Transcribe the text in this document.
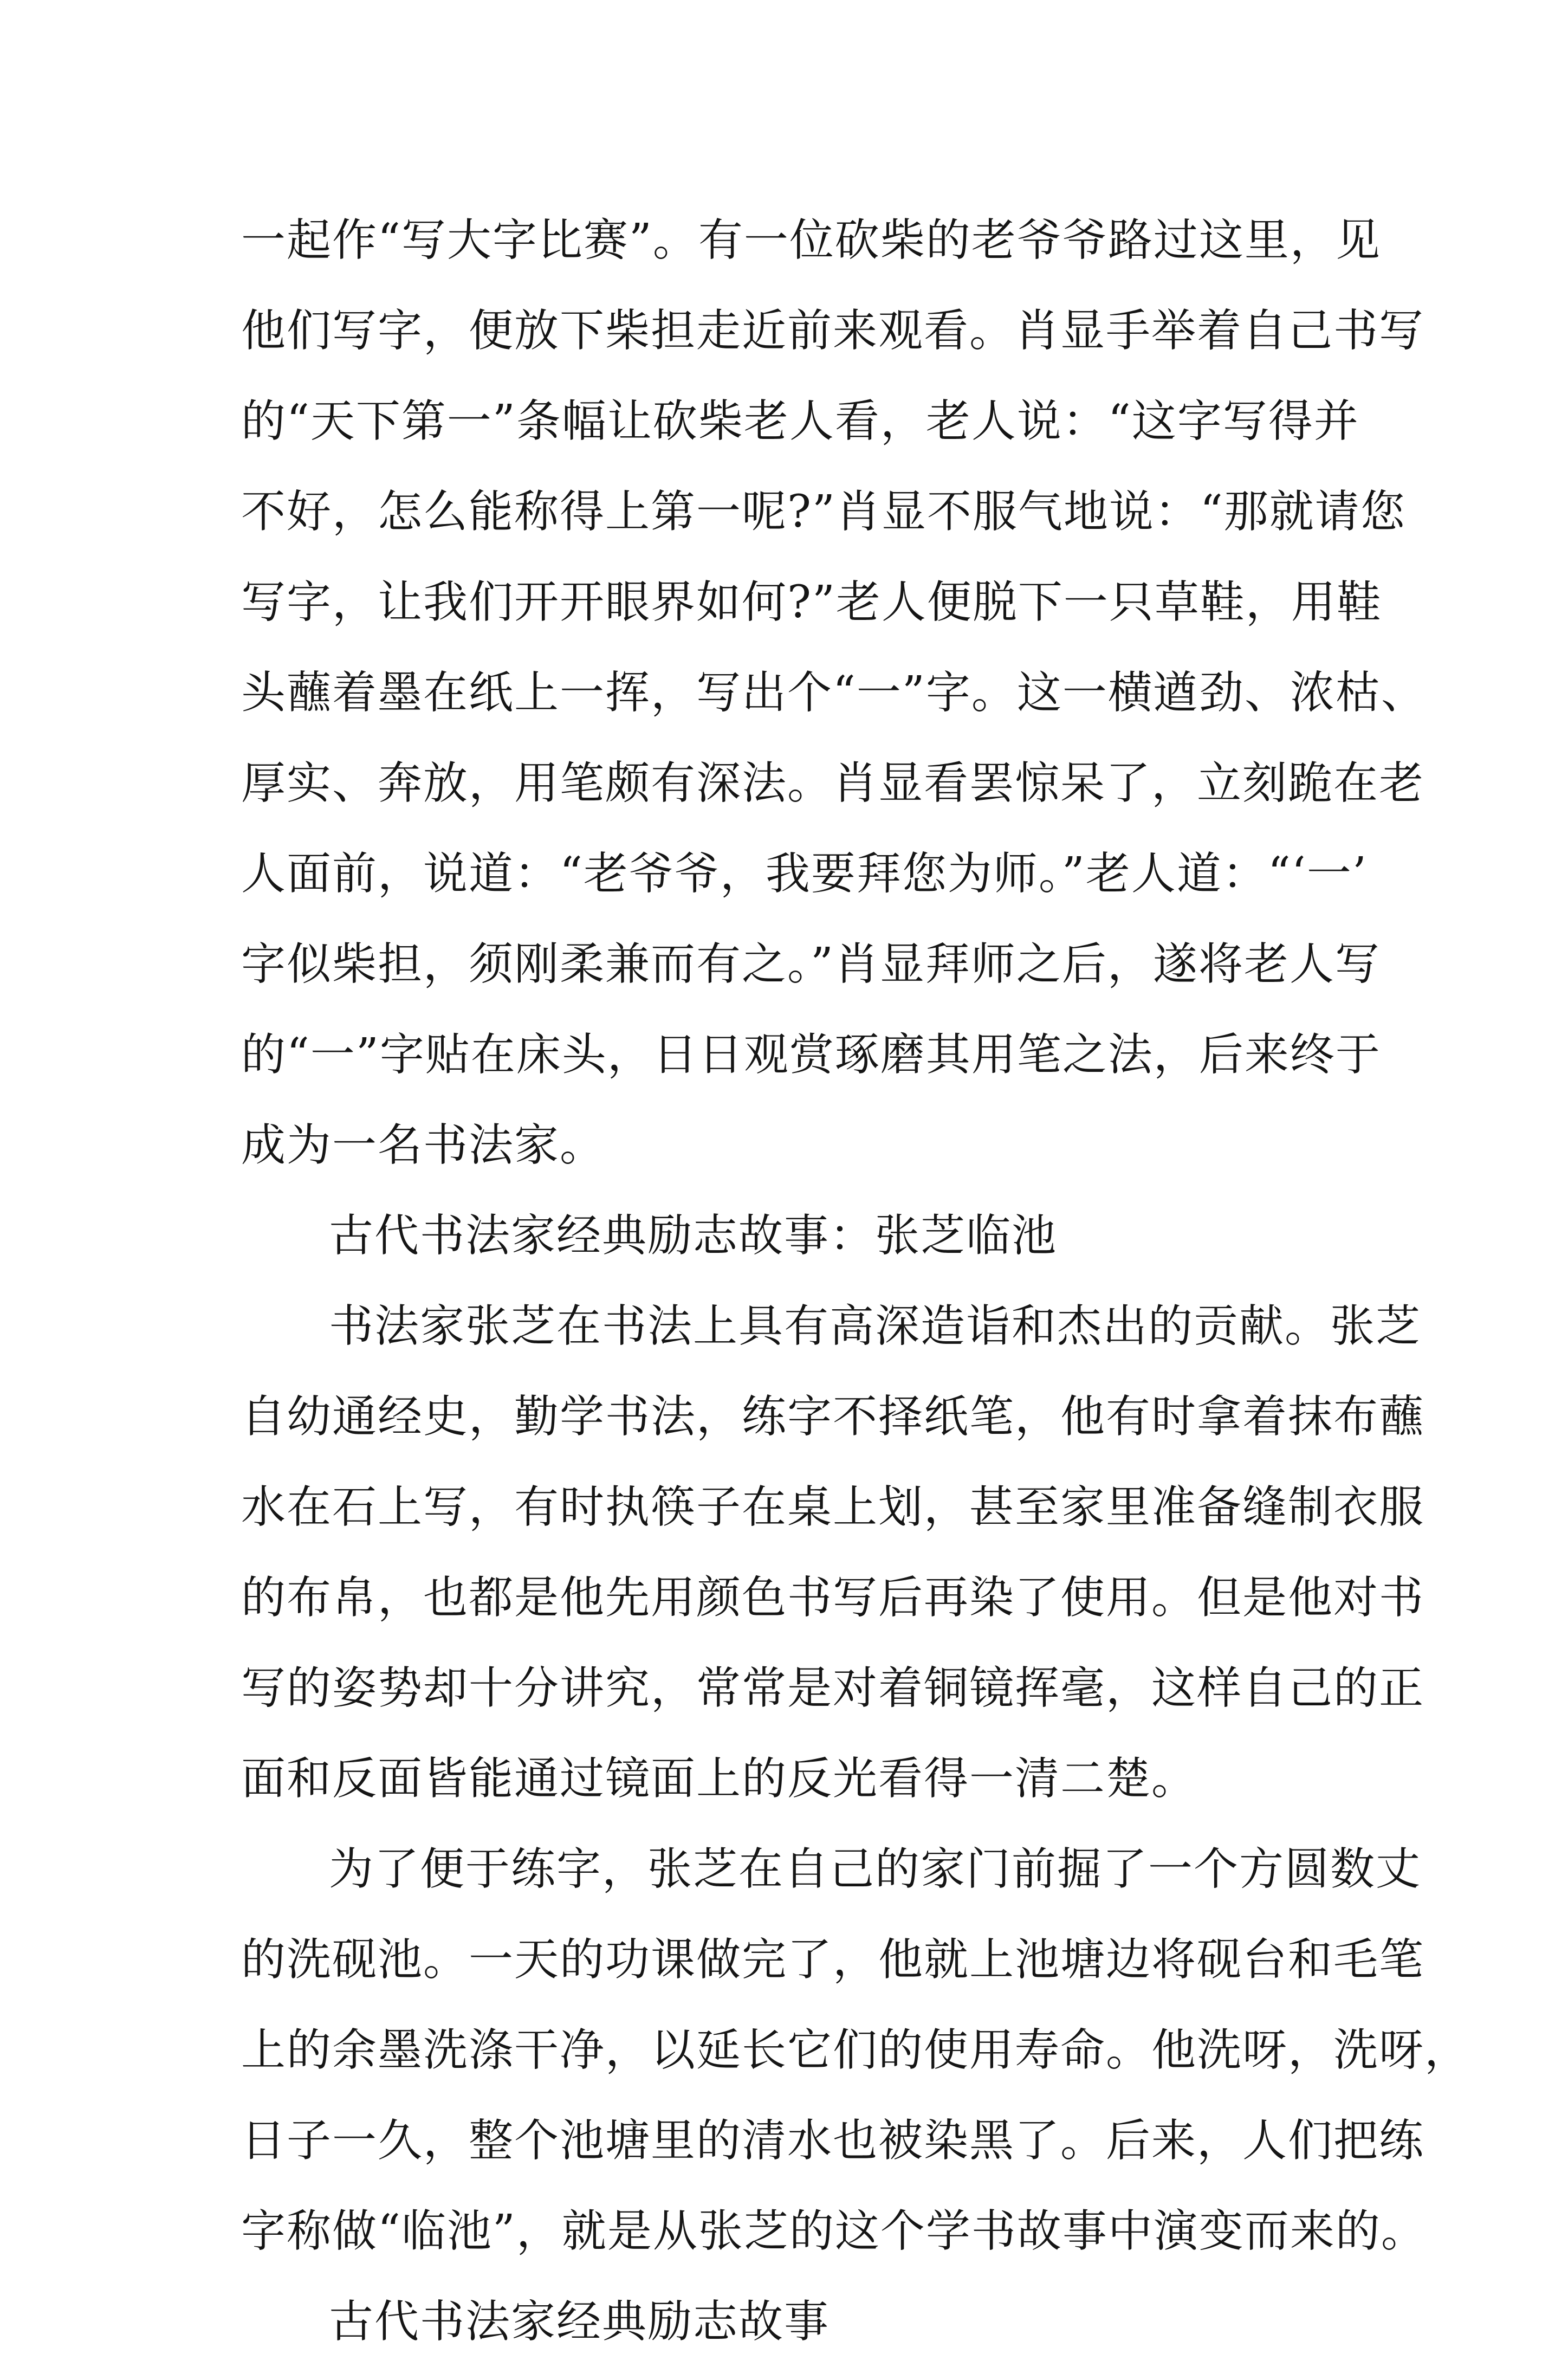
一起作“写大字比赛”。有一位砍柴的老爷爷路过这里，见
他们写字，便放下柴担走近前来观看。肖显手举着自己书写
的“天下第一”条幅让砍柴老人看，老人说：“这字写得并
不好，怎么能称得上第一呢?”肖显不服气地说：“那就请您
写字，让我们开开眼界如何?”老人便脱下一只草鞋，用鞋
头蘸着墨在纸上一挥，写出个“一”字。这一横遒劲、浓枯、
厚实、奔放，用笔颇有深法。肖显看罢惊呆了，立刻跪在老
人面前，说道：“老爷爷，我要拜您为师。”老人道：“‘一’
字似柴担，须刚柔兼而有之。”肖显拜师之后，遂将老人写
的“一”字贴在床头，日日观赏琢磨其用笔之法，后来终于
成为一名书法家。
古代书法家经典励志故事：张芝临池
书法家张芝在书法上具有高深造诣和杰出的贡献。张芝
自幼通经史，勤学书法，练字不择纸笔，他有时拿着抹布蘸
水在石上写，有时执筷子在桌上划，甚至家里准备缝制衣服
的布帛，也都是他先用颜色书写后再染了使用。但是他对书
写的姿势却十分讲究，常常是对着铜镜挥毫，这样自己的正
面和反面皆能通过镜面上的反光看得一清二楚。
为了便于练字，张芝在自己的家门前掘了一个方圆数丈
的洗砚池。一天的功课做完了，他就上池塘边将砚台和毛笔
上的余墨洗涤干净，以延长它们的使用寿命。他洗呀，洗呀，
日子一久，整个池塘里的清水也被染黑了。后来，人们把练
字称做“临池”，就是从张芝的这个学书故事中演变而来的。
古代书法家经典励志故事
